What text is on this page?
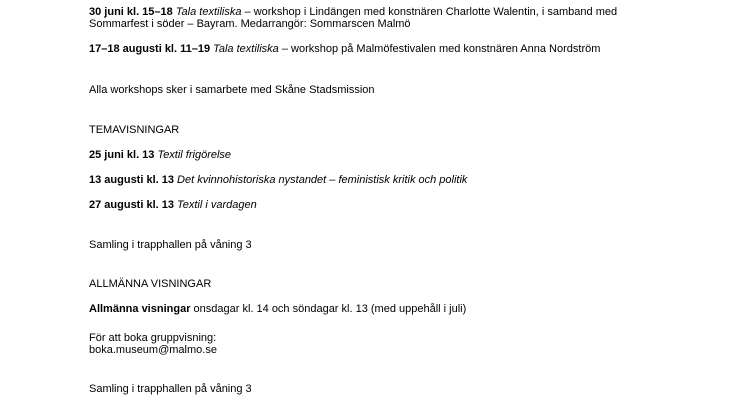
30 juni kl. 15–18 Tala textiliska – workshop i Lindängen med konstnären Charlotte Walentin, i samband med
Sommarfest i söder – Bayram. Medarrangör: Sommarscen Malmö
17–18 augusti kl. 11–19 Tala textiliska – workshop på Malmöfestivalen med konstnären Anna Nordström
Alla workshops sker i samarbete med Skåne Stadsmission
TEMAVISNINGAR
25 juni kl. 13 Textil frigörelse
13 augusti kl. 13 Det kvinnohistoriska nystandet – feministisk kritik och politik
27 augusti kl. 13 Textil i vardagen
Samling i trapphallen på våning 3
ALLMÄNNA VISNINGAR
Allmänna visningar onsdagar kl. 14 och söndagar kl. 13 (med uppehåll i juli)
För att boka gruppvisning:
boka.museum@malmo.se
Samling i trapphallen på våning 3
